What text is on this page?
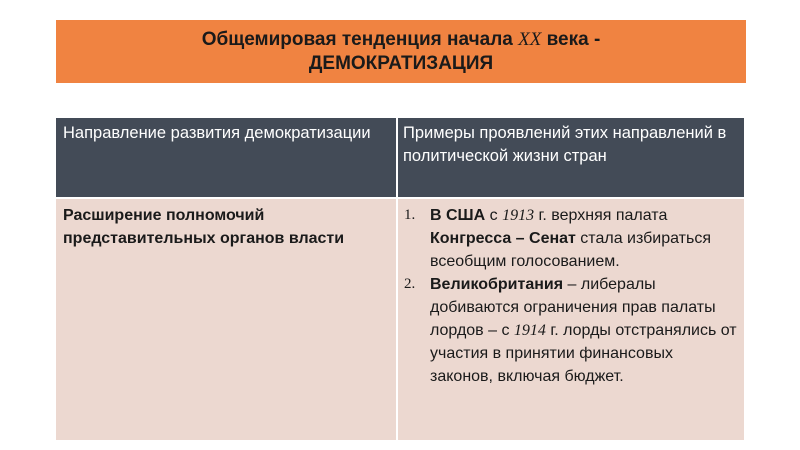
Общемировая тенденция начала XX века -
ДЕМОКРАТИЗАЦИЯ
Направление развития демократизации	Примеры проявлений этих направлений в политической жизни стран
Расширение полномочий представительных органов власти
1. В США с 1913 г. верхняя палата Конгресса – Сенат стала избираться всеобщим голосованием.
2. Великобритания – либералы добиваются ограничения прав палаты лордов – с 1914 г. лорды отстранялись от участия в принятии финансовых законов, включая бюджет.
